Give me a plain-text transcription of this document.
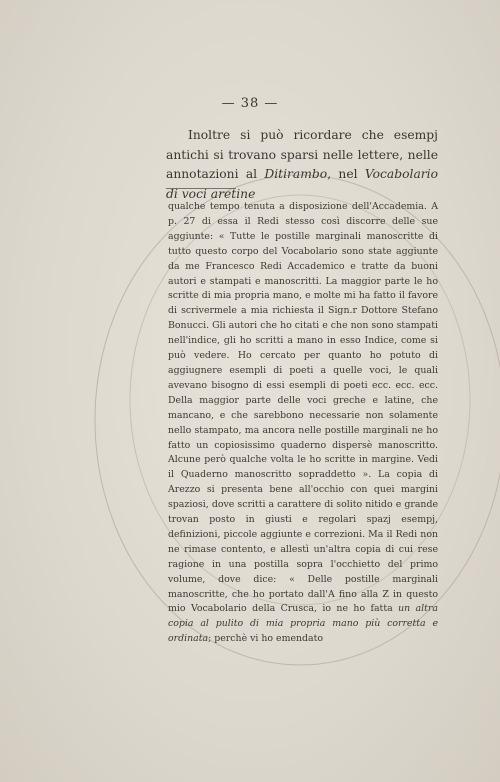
— 38 —

Inoltre si può ricordare che esempj antichi si trovano sparsi nelle lettere, nelle annotazioni al Ditirambo, nel Vocabolario di voci aretine

qualche tempo tenuta a disposizione dell'Accademia. A p. 27 di essa il Redi stesso così discorre delle sue aggiunte: « Tutte le postille marginali manoscritte di tutto questo corpo del Vocabolario sono state aggiunte da me Francesco Redi Accademico e tratte da buoni autori e stampati e manoscritti. La maggior parte le ho scritte di mia propria mano, e molte mi ha fatto il favore di scrivermele a mia richiesta il Sign.r Dottore Stefano Bonucci. Gli autori che ho citati e che non sono stampati nell'indice, gli ho scritti a mano in esso Indice, come si può vedere. Ho cercato per quanto ho potuto di aggiugnere esempli di poeti a quelle voci, le quali avevano bisogno di essi esempli di poeti ecc. ecc. ecc. Della maggior parte delle voci greche e latine, che mancano, e che sarebbono necessarie non solamente nello stampato, ma ancora nelle postille marginali ne ho fatto un copiosissimo quaderno dispersè manoscritto. Alcune però qualche volta le ho scritte in margine. Vedi il Quaderno manoscritto sopraddetto ». La copia di Arezzo si presenta bene all'occhio con quei margini spaziosi, dove scritti a carattere di solito nitido e grande trovan posto in giusti e regolari spazj esempj, definizioni, piccole aggiunte e correzioni. Ma il Redi non ne rimase contento, e allestì un'altra copia di cui rese ragione in una postilla sopra l'occhietto del primo volume, dove dice: « Delle postille marginali manoscritte, che ho portato dall'A fino alla Z in questo mio Vocabolario della Crusca, io ne ho fatta un altra copia al pulito di mia propria mano più corretta e ordinata; perchè vi ho emendato
